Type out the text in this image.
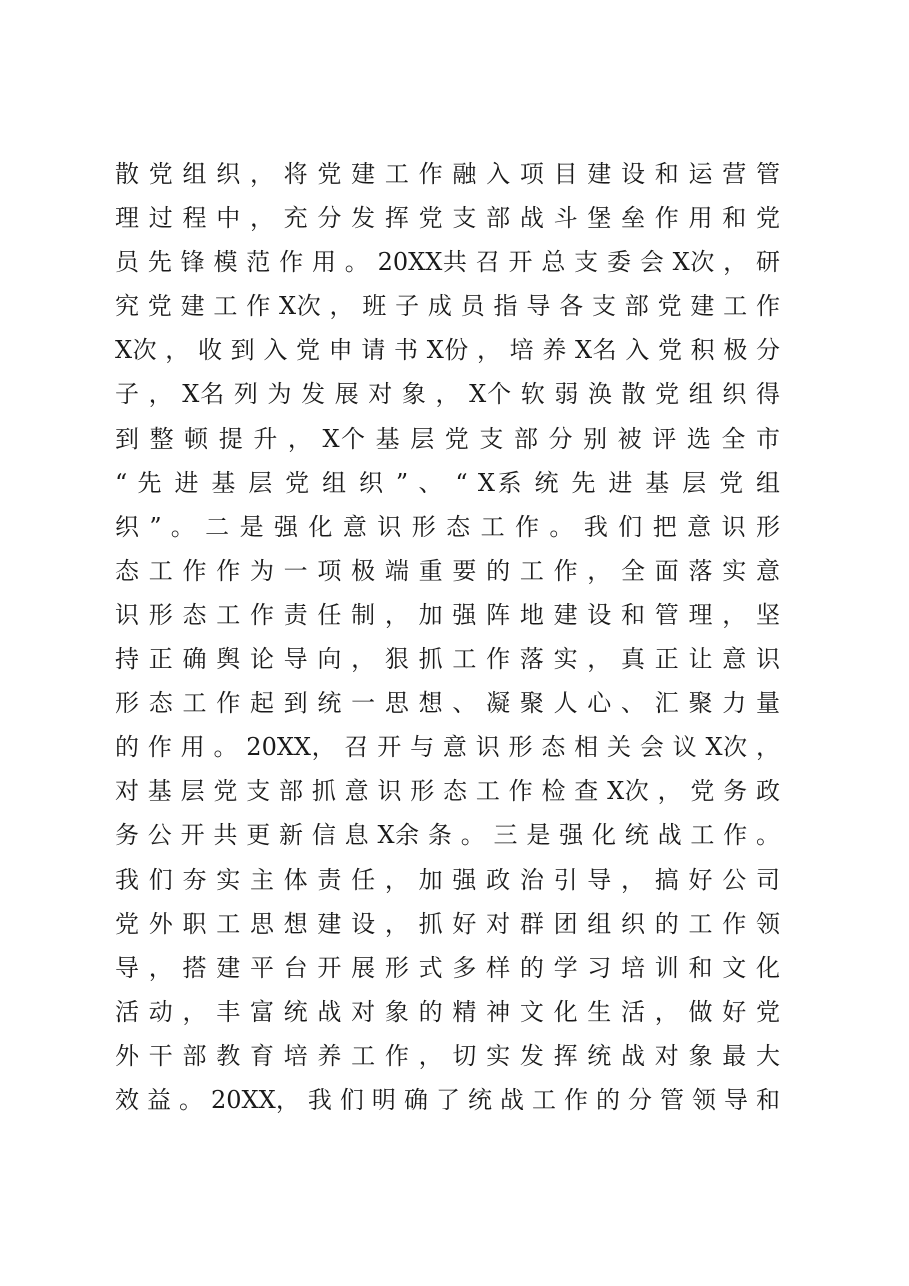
散 党 组 织 ， 将 党 建 工 作 融 入 项 目 建 设 和 运 营 管
理 过 程 中 ， 充 分 发 挥 党 支 部 战 斗 堡 垒 作 用 和 党
员 先 锋 模 范 作 用 。 20XX共 召 开 总 支 委 会 X次 ， 研
究 党 建 工 作 X次 ， 班 子 成 员 指 导 各 支 部 党 建 工 作
X次 ， 收 到 入 党 申 请 书 X份 ， 培 养 X名 入 党 积 极 分
子 ， X名 列 为 发 展 对 象 ， X个 软 弱 涣 散 党 组 织 得
到 整 顿 提 升 ， X个 基 层 党 支 部 分 别 被 评 选 全 市
“ 先 进 基 层 党 组 织 ” 、 “ X系 统 先 进 基 层 党 组
织 ” 。 二 是 强 化 意 识 形 态 工 作 。 我 们 把 意 识 形
态 工 作 作 为 一 项 极 端 重 要 的 工 作 ， 全 面 落 实 意
识 形 态 工 作 责 任 制 ， 加 强 阵 地 建 设 和 管 理 ， 坚
持 正 确 舆 论 导 向 ， 狠 抓 工 作 落 实 ， 真 正 让 意 识
形 态 工 作 起 到 统 一 思 想 、 凝 聚 人 心 、 汇 聚 力 量
的 作 用 。 20XX， 召 开 与 意 识 形 态 相 关 会 议 X次 ，
对 基 层 党 支 部 抓 意 识 形 态 工 作 检 查 X次 ， 党 务 政
务 公 开 共 更 新 信 息 X余 条 。 三 是 强 化 统 战 工 作 。
我 们 夯 实 主 体 责 任 ， 加 强 政 治 引 导 ， 搞 好 公 司
党 外 职 工 思 想 建 设 ， 抓 好 对 群 团 组 织 的 工 作 领
导 ， 搭 建 平 台 开 展 形 式 多 样 的 学 习 培 训 和 文 化
活 动 ， 丰 富 统 战 对 象 的 精 神 文 化 生 活 ， 做 好 党
外 干 部 教 育 培 养 工 作 ， 切 实 发 挥 统 战 对 象 最 大
效 益 。 20XX， 我 们 明 确 了 统 战 工 作 的 分 管 领 导 和
